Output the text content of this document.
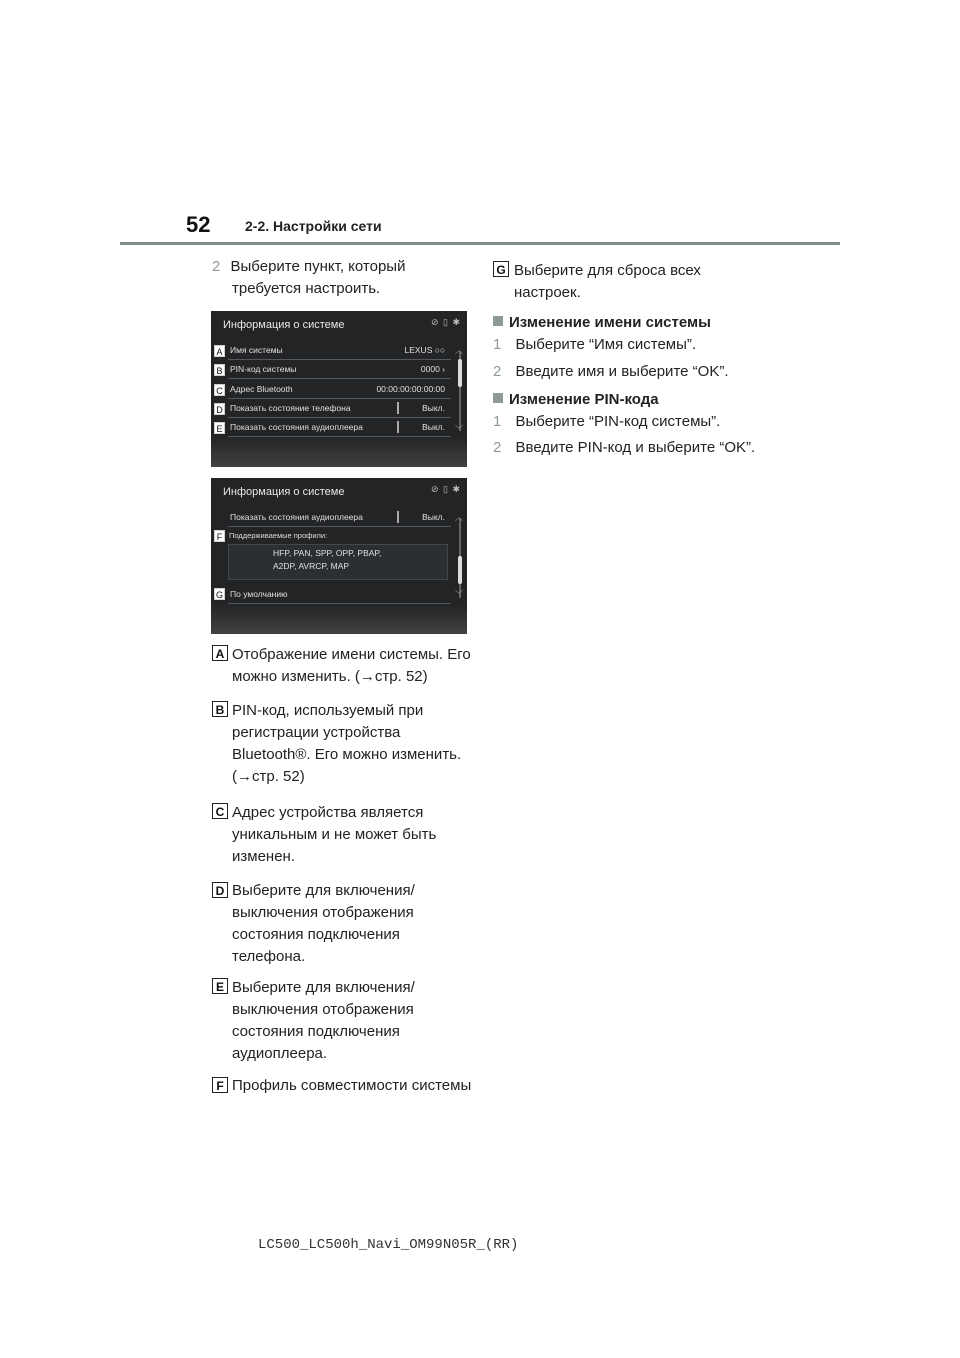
52 2-2. Настройки сети
2 Выберите пункт, который
требуется настроить.
Информация о системе	⊘ ▯ ✱
︿
﹀
A Имя системы	LEXUS ○○
B PIN-код системы	0000 ›
C Адрес Bluetooth	00:00:00:00:00:00
D Показать состояние телефона	Выкл.
E Показать состояния аудиоплеера	Выкл.
Информация о системе	⊘ ▯ ✱
︿
﹀
Показать состояния аудиоплеера	Выкл.
F Поддерживаемые профили:
HFP, PAN, SPP, OPP, PBAP,
A2DP, AVRCP, MAP
G По умолчанию
A Отображение имени системы. Его
можно изменить. (→стр. 52)
B PIN-код, используемый при
регистрации устройства
Bluetooth®. Его можно изменить.
(→стр. 52)
C Адрес устройства является
уникальным и не может быть
изменен.
D Выберите для включения/
выключения отображения
состояния подключения
телефона.
E Выберите для включения/
выключения отображения
состояния подключения
аудиоплеера.
F Профиль совместимости системы
G Выберите для сброса всех
настроек.
Изменение имени системы
1 Выберите “Имя системы”.
2 Введите имя и выберите “OK”.
Изменение PIN-кода
1 Выберите “PIN-код системы”.
2 Введите PIN-код и выберите “OK”.
LC500_LC500h_Navi_OM99N05R_(RR)
